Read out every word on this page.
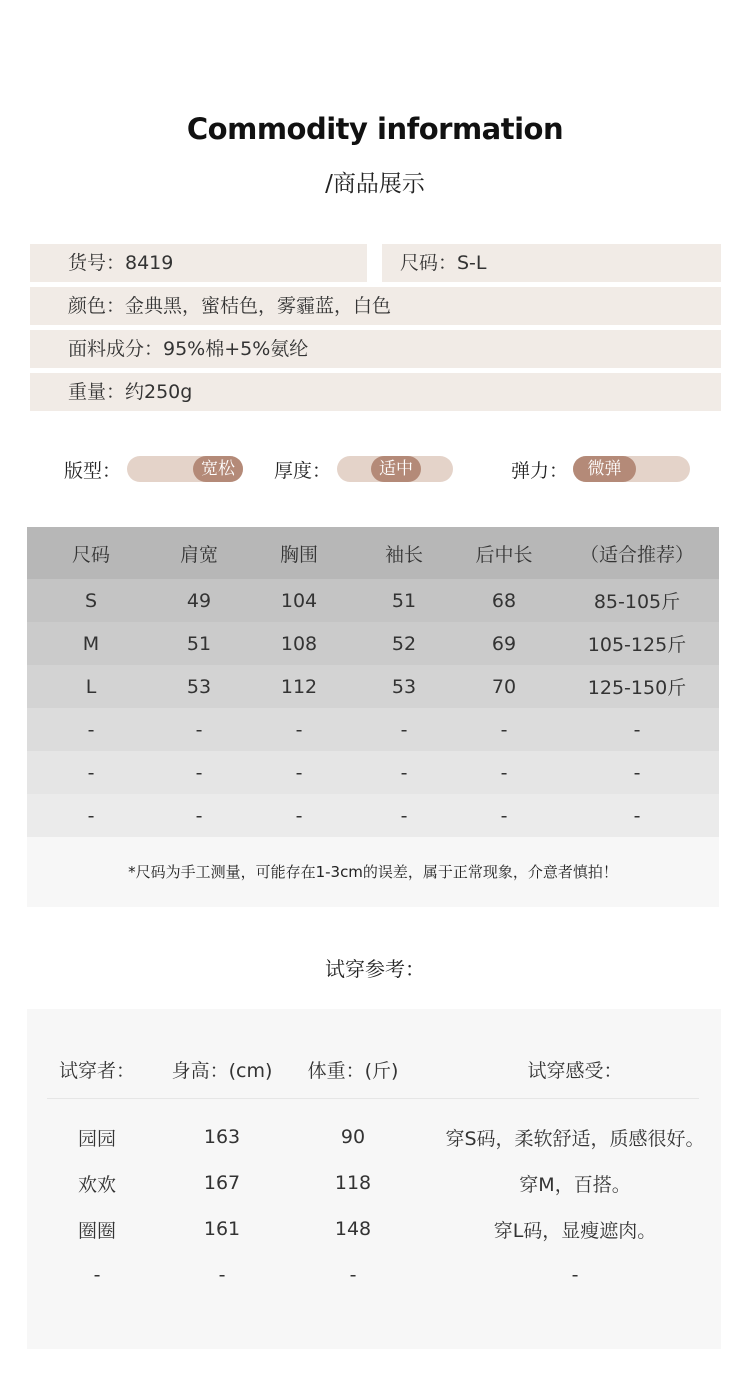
Commodity information
/商品展示
货号：8419	尺码：S-L
颜色：金典黑，蜜桔色，雾霾蓝，白色
面料成分：95%棉+5%氨纶
重量：约250g
版型：	宽松	厚度：	适中	弹力：	微弹
尺码	肩宽	胸围	袖长	后中长	（适合推荐）
S	49	104	51	68	85-105斤
M	51	108	52	69	105-125斤
L	53	112	53	70	125-150斤
-	-	-	-	-	-
-	-	-	-	-	-
-	-	-	-	-	-
*尺码为手工测量，可能存在1-3cm的误差，属于正常现象，介意者慎拍！
试穿参考：
试穿者：	身高：(cm)	体重：(斤)	试穿感受：
园园	163	90	穿S码，柔软舒适，质感很好。
欢欢	167	118	穿M，百搭。
圈圈	161	148	穿L码，显瘦遮肉。
-	-	-	-
